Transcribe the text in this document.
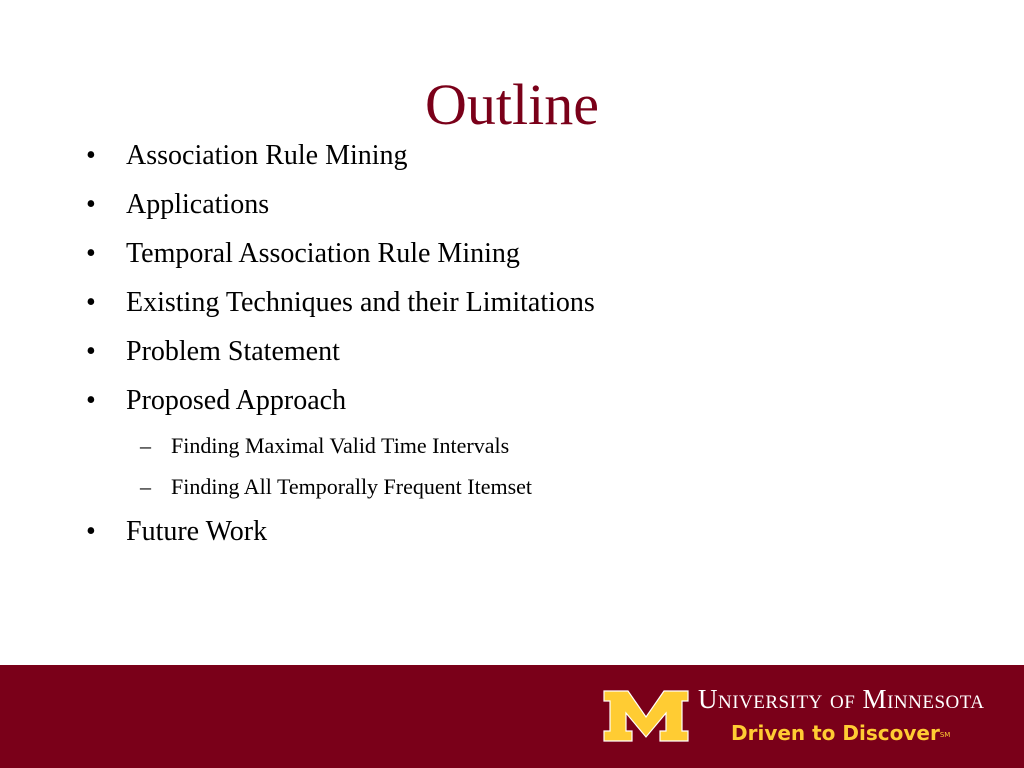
Outline
• Association Rule Mining
• Applications
• Temporal Association Rule Mining
• Existing Techniques and their Limitations
• Problem Statement
• Proposed Approach
– Finding Maximal Valid Time Intervals
– Finding All Temporally Frequent Itemset
• Future Work
University of Minnesota
Driven to Discover℠
